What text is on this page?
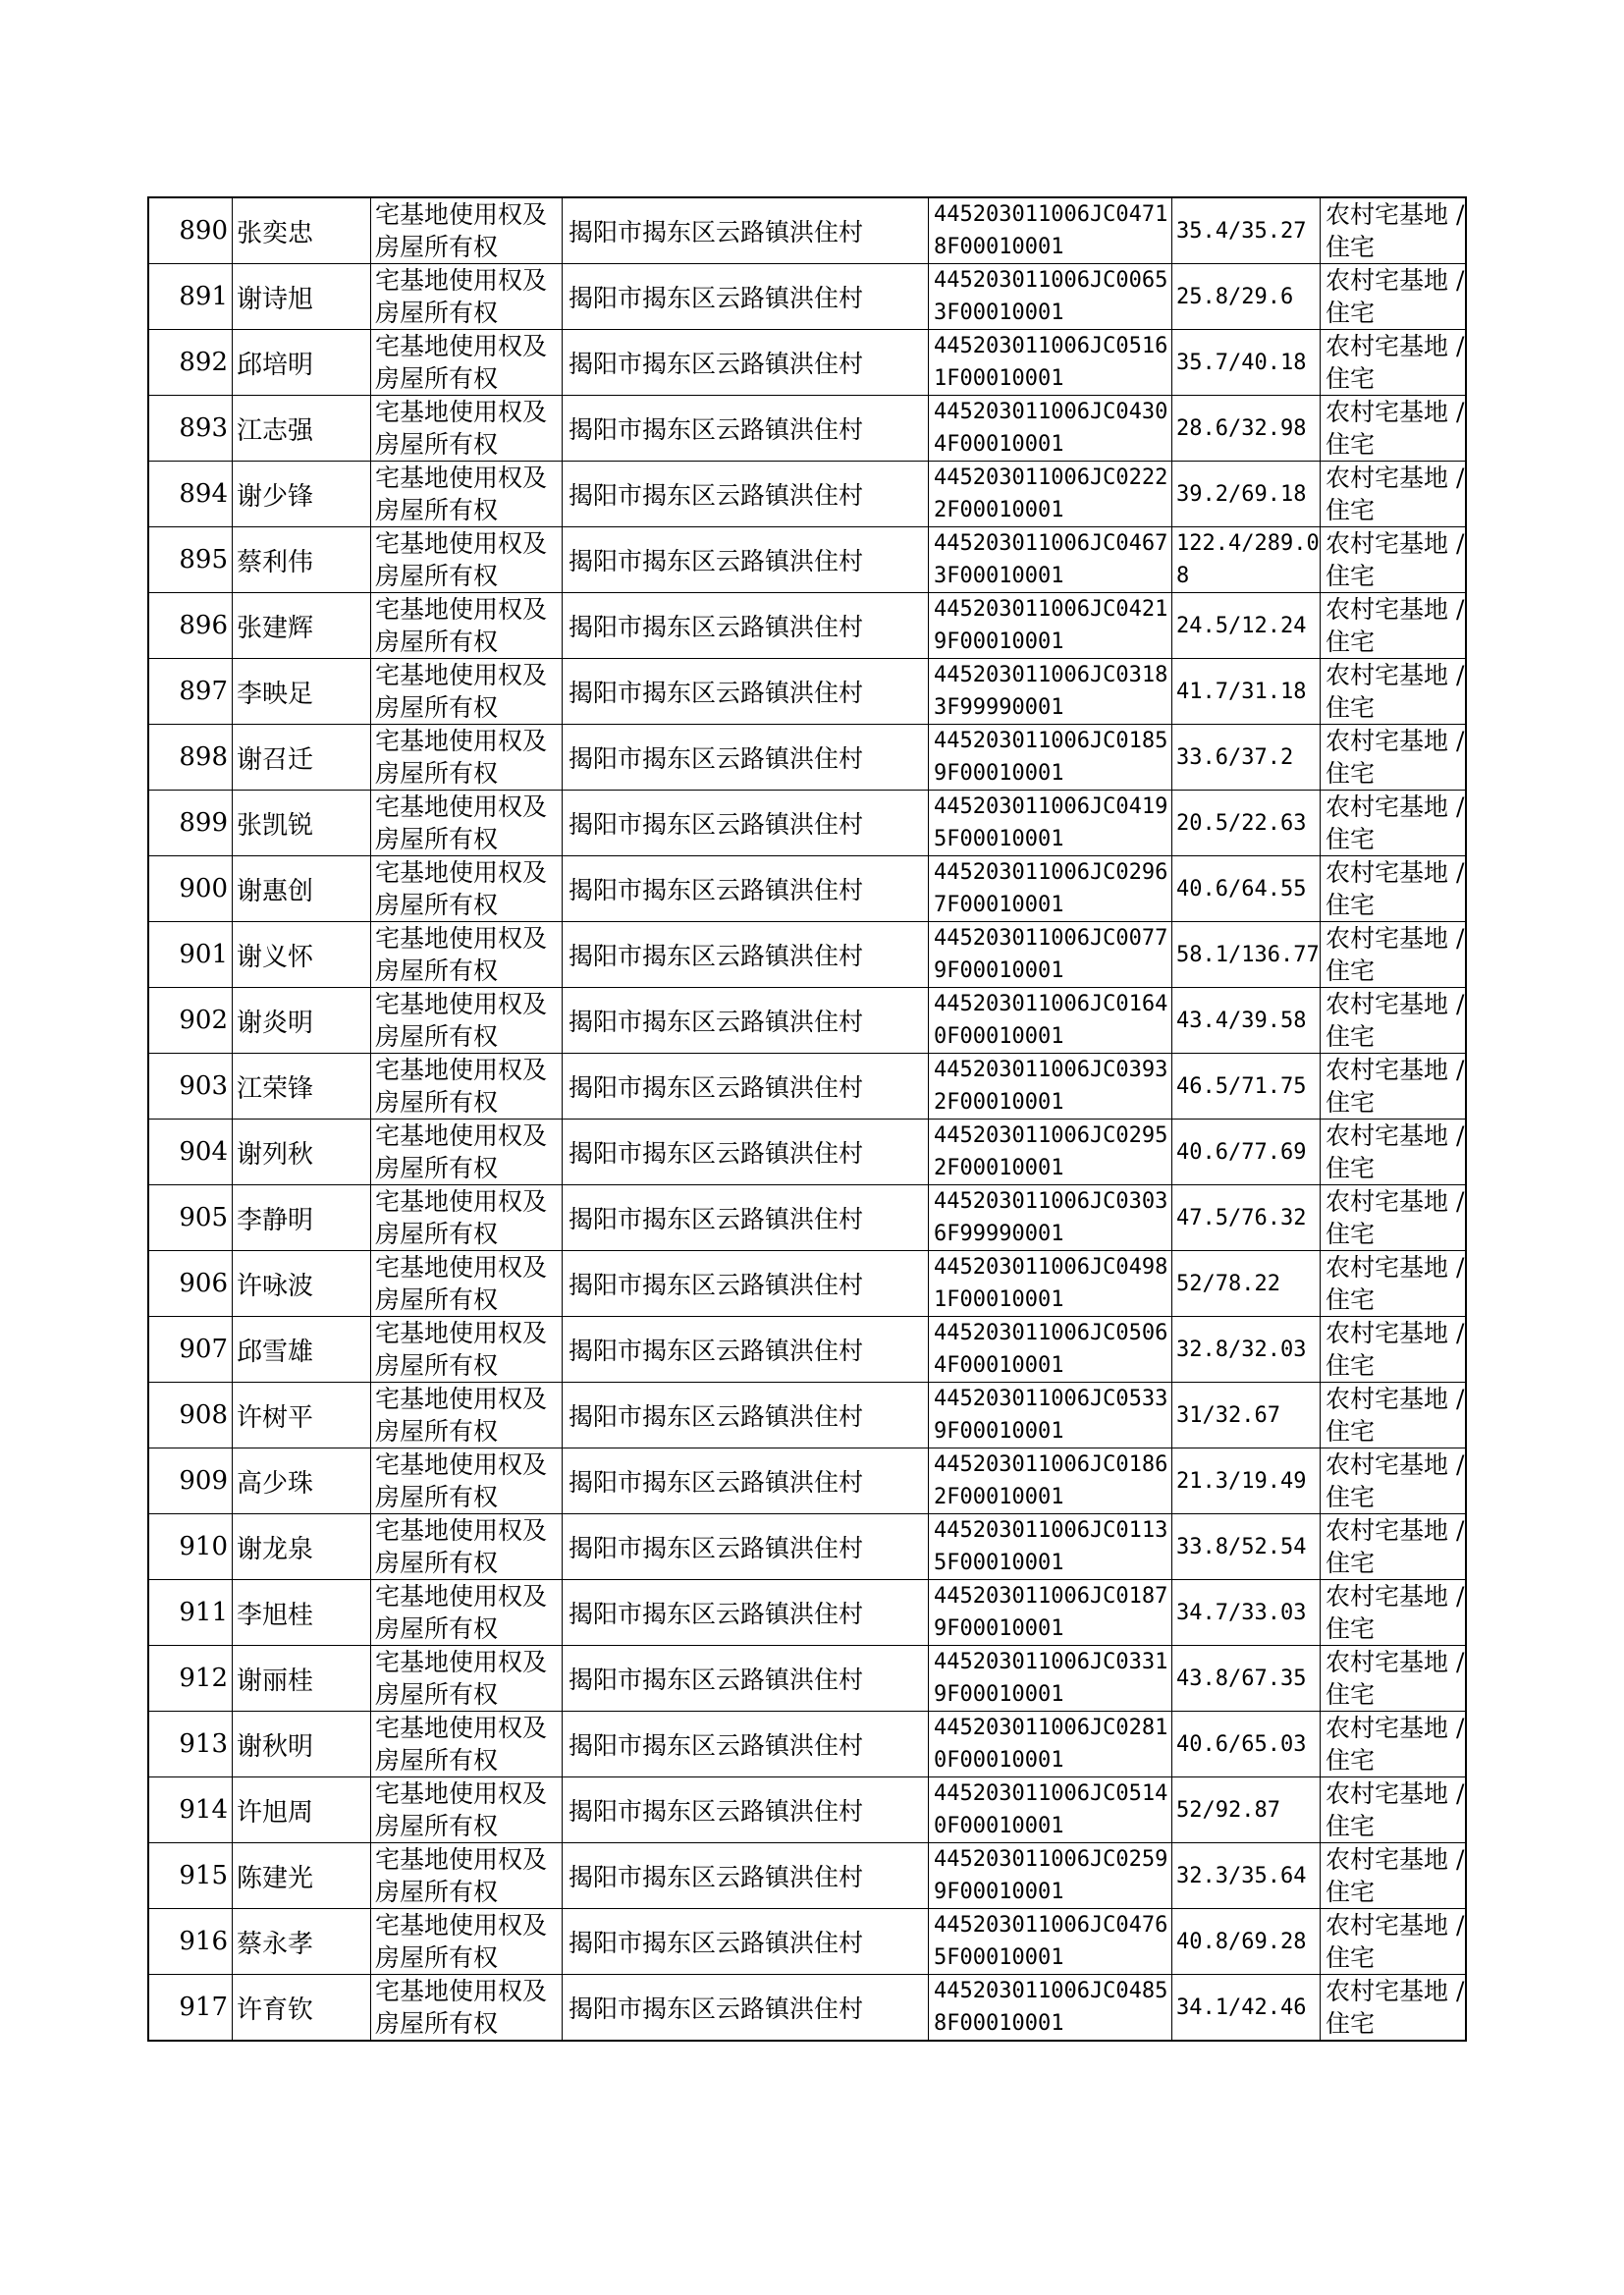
890	张奕忠	宅基地使用权及房屋所有权	揭阳市揭东区云路镇洪住村	445203011006JC04718F00010001	35.4/35.27	农村宅基地 / 住宅

891	谢诗旭	宅基地使用权及房屋所有权	揭阳市揭东区云路镇洪住村	445203011006JC00653F00010001	25.8/29.6	农村宅基地 / 住宅

892	邱培明	宅基地使用权及房屋所有权	揭阳市揭东区云路镇洪住村	445203011006JC05161F00010001	35.7/40.18	农村宅基地 / 住宅

893	江志强	宅基地使用权及房屋所有权	揭阳市揭东区云路镇洪住村	445203011006JC04304F00010001	28.6/32.98	农村宅基地 / 住宅

894	谢少锋	宅基地使用权及房屋所有权	揭阳市揭东区云路镇洪住村	445203011006JC02222F00010001	39.2/69.18	农村宅基地 / 住宅

895	蔡利伟	宅基地使用权及房屋所有权	揭阳市揭东区云路镇洪住村	445203011006JC04673F00010001	122.4/289.08	农村宅基地 / 住宅

896	张建辉	宅基地使用权及房屋所有权	揭阳市揭东区云路镇洪住村	445203011006JC04219F00010001	24.5/12.24	农村宅基地 / 住宅

897	李映足	宅基地使用权及房屋所有权	揭阳市揭东区云路镇洪住村	445203011006JC03183F99990001	41.7/31.18	农村宅基地 / 住宅

898	谢召迁	宅基地使用权及房屋所有权	揭阳市揭东区云路镇洪住村	445203011006JC01859F00010001	33.6/37.2	农村宅基地 / 住宅

899	张凯锐	宅基地使用权及房屋所有权	揭阳市揭东区云路镇洪住村	445203011006JC04195F00010001	20.5/22.63	农村宅基地 / 住宅

900	谢惠创	宅基地使用权及房屋所有权	揭阳市揭东区云路镇洪住村	445203011006JC02967F00010001	40.6/64.55	农村宅基地 / 住宅

901	谢义怀	宅基地使用权及房屋所有权	揭阳市揭东区云路镇洪住村	445203011006JC00779F00010001	58.1/136.77	农村宅基地 / 住宅

902	谢炎明	宅基地使用权及房屋所有权	揭阳市揭东区云路镇洪住村	445203011006JC01640F00010001	43.4/39.58	农村宅基地 / 住宅

903	江荣锋	宅基地使用权及房屋所有权	揭阳市揭东区云路镇洪住村	445203011006JC03932F00010001	46.5/71.75	农村宅基地 / 住宅

904	谢列秋	宅基地使用权及房屋所有权	揭阳市揭东区云路镇洪住村	445203011006JC02952F00010001	40.6/77.69	农村宅基地 / 住宅

905	李静明	宅基地使用权及房屋所有权	揭阳市揭东区云路镇洪住村	445203011006JC03036F99990001	47.5/76.32	农村宅基地 / 住宅

906	许咏波	宅基地使用权及房屋所有权	揭阳市揭东区云路镇洪住村	445203011006JC04981F00010001	52/78.22	农村宅基地 / 住宅

907	邱雪雄	宅基地使用权及房屋所有权	揭阳市揭东区云路镇洪住村	445203011006JC05064F00010001	32.8/32.03	农村宅基地 / 住宅

908	许树平	宅基地使用权及房屋所有权	揭阳市揭东区云路镇洪住村	445203011006JC05339F00010001	31/32.67	农村宅基地 / 住宅

909	高少珠	宅基地使用权及房屋所有权	揭阳市揭东区云路镇洪住村	445203011006JC01862F00010001	21.3/19.49	农村宅基地 / 住宅

910	谢龙泉	宅基地使用权及房屋所有权	揭阳市揭东区云路镇洪住村	445203011006JC01135F00010001	33.8/52.54	农村宅基地 / 住宅

911	李旭桂	宅基地使用权及房屋所有权	揭阳市揭东区云路镇洪住村	445203011006JC01879F00010001	34.7/33.03	农村宅基地 / 住宅

912	谢丽桂	宅基地使用权及房屋所有权	揭阳市揭东区云路镇洪住村	445203011006JC03319F00010001	43.8/67.35	农村宅基地 / 住宅

913	谢秋明	宅基地使用权及房屋所有权	揭阳市揭东区云路镇洪住村	445203011006JC02810F00010001	40.6/65.03	农村宅基地 / 住宅

914	许旭周	宅基地使用权及房屋所有权	揭阳市揭东区云路镇洪住村	445203011006JC05140F00010001	52/92.87	农村宅基地 / 住宅

915	陈建光	宅基地使用权及房屋所有权	揭阳市揭东区云路镇洪住村	445203011006JC02599F00010001	32.3/35.64	农村宅基地 / 住宅

916	蔡永孝	宅基地使用权及房屋所有权	揭阳市揭东区云路镇洪住村	445203011006JC04765F00010001	40.8/69.28	农村宅基地 / 住宅

917	许育钦	宅基地使用权及房屋所有权	揭阳市揭东区云路镇洪住村	445203011006JC04858F00010001	34.1/42.46	农村宅基地 / 住宅
